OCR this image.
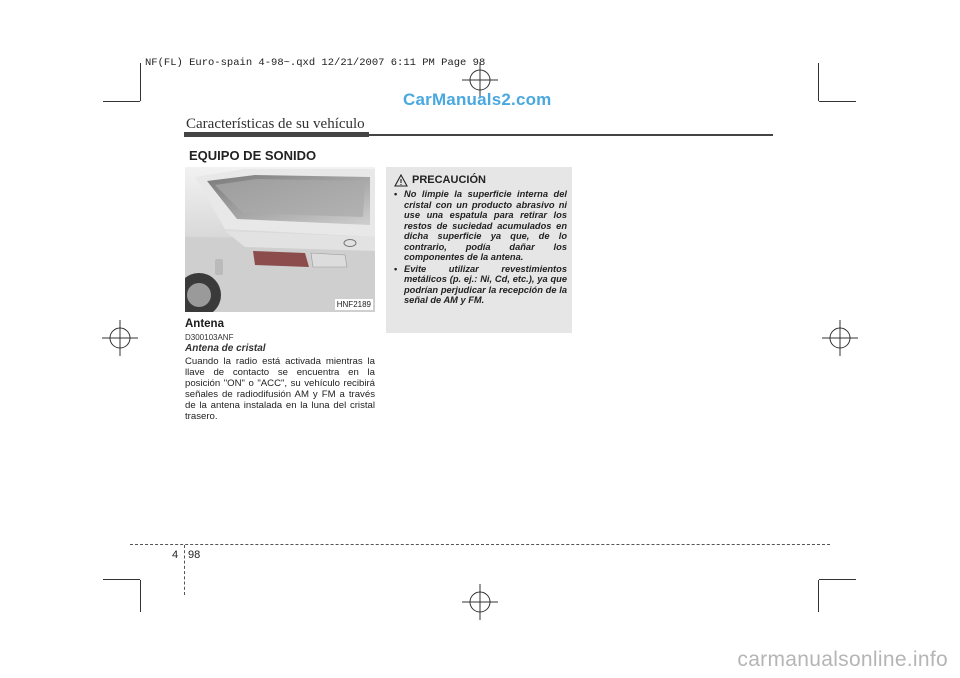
NF(FL) Euro-spain 4-98~.qxd 12/21/2007 6:11 PM Page 98
CarManuals2.com
Características de su vehículo
EQUIPO DE SONIDO
HNF2189
Antena
D300103ANF
Antena de cristal
Cuando la radio está activada mientras la llave de contacto se encuentra en la posición "ON" o "ACC", su vehículo recibirá señales de radiodifusión AM y FM a través de la antena instalada en la luna del cristal trasero.
PRECAUCIÓN
• No limpie la superficie interna del cristal con un producto abrasivo ni use una espatula para retirar los restos de suciedad acumulados en dicha superficie ya que, de lo contrario, podía dañar los componentes de la antena.
• Evite utilizar revestimientos metálicos (p. ej.: Ni, Cd, etc.), ya que podrían perjudicar la recepción de la señal de AM y FM.
4 98
carmanualsonline.info
